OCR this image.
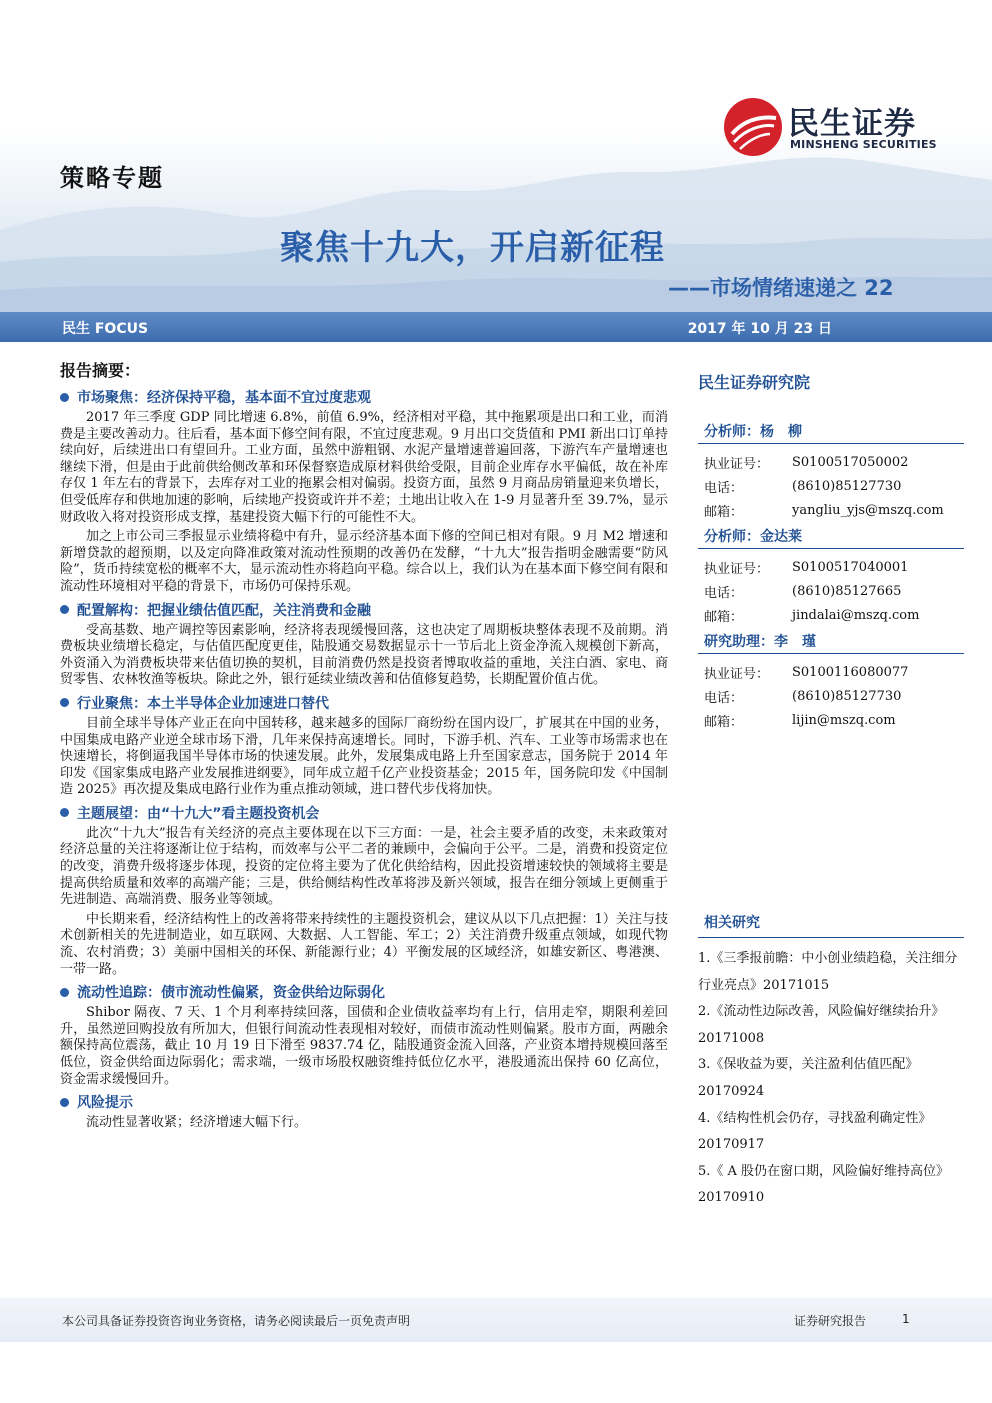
民生证券
MINSHENG SECURITIES
策略专题
聚焦十九大，开启新征程
——市场情绪速递之 22
民生 FOCUS	2017 年 10 月 23 日
报告摘要：
市场聚焦：经济保持平稳，基本面不宜过度悲观

2017 年三季度 GDP 同比增速 6.8%，前值 6.9%，经济相对平稳，其中拖累项是出口和工业，而消费是主要改善动力。往后看，基本面下修空间有限，不宜过度悲观。9 月出口交货值和 PMI 新出口订单持续向好，后续进出口有望回升。工业方面，虽然中游粗钢、水泥产量增速普遍回落，下游汽车产量增速也继续下滑，但是由于此前供给侧改革和环保督察造成原材料供给受限，目前企业库存水平偏低，故在补库存仅 1 年左右的背景下，去库存对工业的拖累会相对偏弱。投资方面，虽然 9 月商品房销量迎来负增长，但受低库存和供地加速的影响，后续地产投资或许并不差；土地出让收入在 1-9 月显著升至 39.7%，显示财政收入将对投资形成支撑，基建投资大幅下行的可能性不大。

加之上市公司三季报显示业绩将稳中有升，显示经济基本面下修的空间已相对有限。9 月 M2 增速和新增贷款的超预期，以及定向降准政策对流动性预期的改善仍在发酵，“十九大”报告指明金融需要“防风险”，货币持续宽松的概率不大，显示流动性亦将趋向平稳。综合以上，我们认为在基本面下修空间有限和流动性环境相对平稳的背景下，市场仍可保持乐观。

配置解构：把握业绩估值匹配，关注消费和金融

受高基数、地产调控等因素影响，经济将表现缓慢回落，这也决定了周期板块整体表现不及前期。消费板块业绩增长稳定，与估值匹配度更佳，陆股通交易数据显示十一节后北上资金净流入规模创下新高，外资涌入为消费板块带来估值切换的契机，目前消费仍然是投资者博取收益的重地，关注白酒、家电、商贸零售、农林牧渔等板块。除此之外，银行延续业绩改善和估值修复趋势，长期配置价值占优。

行业聚焦：本土半导体企业加速进口替代

目前全球半导体产业正在向中国转移，越来越多的国际厂商纷纷在国内设厂，扩展其在中国的业务，中国集成电路产业逆全球市场下滑，几年来保持高速增长。同时，下游手机、汽车、工业等市场需求也在快速增长，将倒逼我国半导体市场的快速发展。此外，发展集成电路上升至国家意志，国务院于 2014 年印发《国家集成电路产业发展推进纲要》，同年成立超千亿产业投资基金；2015 年，国务院印发《中国制造 2025》再次提及集成电路行业作为重点推动领域，进口替代步伐将加快。

主题展望：由“十九大”看主题投资机会

此次“十九大”报告有关经济的亮点主要体现在以下三方面：一是，社会主要矛盾的改变，未来政策对经济总量的关注将逐渐让位于结构，而效率与公平二者的兼顾中，会偏向于公平。二是，消费和投资定位的改变，消费升级将逐步体现，投资的定位将主要为了优化供给结构，因此投资增速较快的领域将主要是提高供给质量和效率的高端产能；三是，供给侧结构性改革将涉及新兴领域，报告在细分领域上更侧重于先进制造、高端消费、服务业等领域。

中长期来看，经济结构性上的改善将带来持续性的主题投资机会，建议从以下几点把握：1）关注与技术创新相关的先进制造业，如互联网、大数据、人工智能、军工；2）关注消费升级重点领域，如现代物流、农村消费；3）美丽中国相关的环保、新能源行业；4）平衡发展的区域经济，如雄安新区、粤港澳、一带一路。

流动性追踪：债市流动性偏紧，资金供给边际弱化

Shibor 隔夜、7 天、1 个月利率持续回落，国债和企业债收益率均有上行，信用走窄，期限利差回升，虽然逆回购投放有所加大，但银行间流动性表现相对较好，而债市流动性则偏紧。股市方面，两融余额保持高位震荡，截止 10 月 19 日下滑至 9837.74 亿，陆股通资金流入回落，产业资本增持规模回落至低位，资金供给面边际弱化；需求端，一级市场股权融资维持低位亿水平，港股通流出保持 60 亿高位，资金需求缓慢回升。

风险提示

流动性显著收紧；经济增速大幅下行。

民生证券研究院
分析师：杨　柳
执业证号：	S0100517050002
电话：	(8610)85127730
邮箱：	yangliu_yjs@mszq.com
分析师：金达莱
执业证号：	S0100517040001
电话：	(8610)85127665
邮箱：	jindalai@mszq.com
研究助理：李　瑾
执业证号：	S0100116080077
电话：	(8610)85127730
邮箱：	lijin@mszq.com
相关研究
1.《三季报前瞻：中小创业绩趋稳，关注细分行业亮点》20171015
2.《流动性边际改善，风险偏好继续抬升》20171008
3.《保收益为要，关注盈利估值匹配》20170924
4.《结构性机会仍存，寻找盈利确定性》20170917
5.《 A 股仍在窗口期，风险偏好维持高位》20170910
本公司具备证券投资咨询业务资格，请务必阅读最后一页免责声明	证券研究报告	1
